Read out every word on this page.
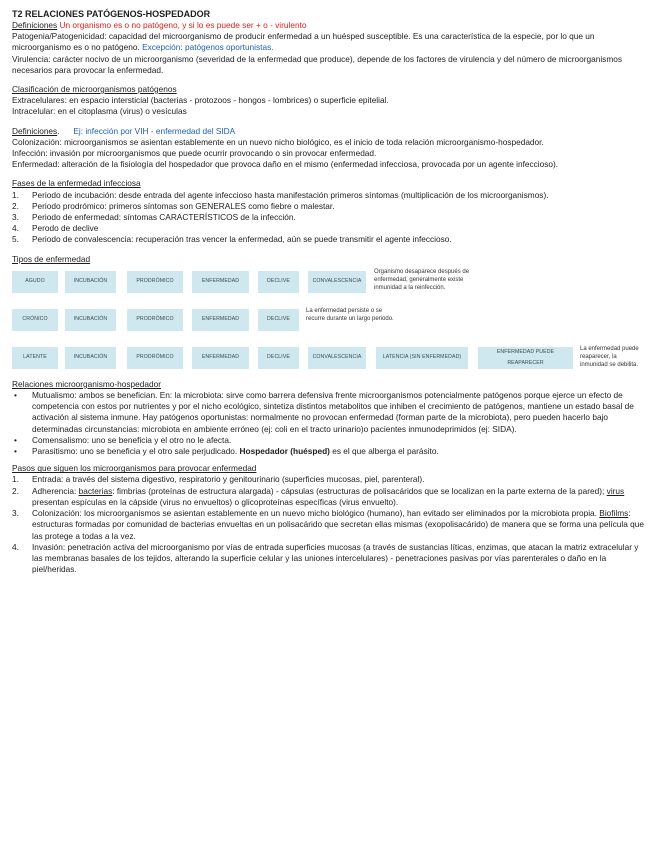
T2 RELACIONES PATÓGENOS-HOSPEDADOR

Definiciones Un organismo es o no patógeno, y si lo es puede ser + o - virulento

Patogenia/Patogenicidad: capacidad del microorganismo de producir enfermedad a un huésped susceptible. Es una característica de la especie, por lo que un microorganismo es o no patógeno. Excepción: patógenos oportunistas.

Virulencia: carácter nocivo de un microorganismo (severidad de la enfermedad que produce), depende de los factores de virulencia y del número de microorganismos necesarios para provocar la enfermedad.

Clasificación de microorganismos patógenos

Extracelulares: en espacio intersticial (bacterias - protozoos - hongos - lombrices) o superficie epitelial.

Intracelular: en el citoplasma (virus) o vesículas

Definiciones.      Ej: infección por VIH - enfermedad del SIDA

Colonización: microorganismos se asientan establemente en un nuevo nicho biológico, es el inicio de toda relación microorganismo-hospedador.

Infección: invasión por microorganismos que puede ocurrir provocando o sin provocar enfermedad.

Enfermedad: alteración de la fisiología del hospedador que provoca daño en el mismo (enfermedad infecciosa, provocada por un agente infeccioso).

Fases de la enfermedad infecciosa

1. Periodo de incubación: desde entrada del agente infeccioso hasta manifestación primeros síntomas (multiplicación de los microorganismos).
2. Periodo prodrómico: primeros síntomas son GENERALES como fiebre o malestar.
3. Periodo de enfermedad: síntomas CARACTERÍSTICOS de la infección.
4. Perodo de declive
5. Periodo de convalescencia: recuperación tras vencer la enfermedad, aún se puede transmitir el agente infeccioso.

Tipos de enfermedad

AGUDO	INCUBACIÓN	PRODRÓMICO	ENFERMEDAD	DECLIVE	CONVALESCENCIA
Organismo desaparece después de enfermedad, generalmente existe inmunidad a la reinfección.
CRÓNICO	INCUBACIÓN	PRODRÓMICO	ENFERMEDAD	DECLIVE
La enfermedad persiste o se recurre durante un largo periodo.
LATENTE	INCUBACIÓN	PRODRÓMICO	ENFERMEDAD	DECLIVE	CONVALESCENCIA	LATENCIA (SIN ENFERMEDAD)
ENFERMEDAD PUEDE REAPARECER
La enfermedad puede reaparecer, la inmunidad se debilita.

Relaciones microorganismo-hospedador

• Mutualismo: ambos se benefician. En: la microbiota: sirve como barrera defensiva frente microorganismos potencialmente patógenos porque ejerce un efecto de competencia con estos por nutrientes y por el nicho ecológico, sintetiza distintos metabolitos que inhiben el crecimiento de patógenos, mantiene un estado basal de activación al sistema inmune. Hay patógenos oportunistas: normalmente no provocan enfermedad (forman parte de la microbiota), pero pueden hacerlo bajo determinadas circunstancias: microbiota en ambiente erróneo (ej: coli en el tracto urinario)o pacientes inmunodeprimidos (ej: SIDA).
• Comensalismo: uno se beneficia y el otro no le afecta.
• Parasitismo: uno se beneficia y el otro sale perjudicado. Hospedador (huésped) es el que alberga el parásito.

Pasos que siguen los microorganismos para provocar enfermedad

1. Entrada: a través del sistema digestivo, respiratorio y genitourinario (superficies mucosas, piel, parenteral).
2. Adherencia: bacterias: fimbrias (proteínas de estructura alargada) - cápsulas (estructuras de polisacáridos que se localizan en la parte externa de la pared); virus presentan espículas en la cápside (virus no envueltos) o glicoproteínas específicas (virus envuelto).
3. Colonización: los microorganismos se asientan establemente en un nuevo micho biológico (humano), han evitado ser eliminados por la microbiota propia. Biofilms: estructuras formadas por comunidad de bacterias envueltas en un polisacárido que secretan ellas mismas (exopolisacárido) de manera que se forma una película que las protege a todas a la vez.
4. Invasión: penetración activa del microorganismo por vías de entrada superficies mucosas (a través de sustancias líticas, enzimas, que atacan la matriz extracelular y las membranas basales de los tejidos, alterando la superficie celular y las uniones intercelulares) - penetraciones pasivas por vías parenterales o daño en la piel/heridas.
